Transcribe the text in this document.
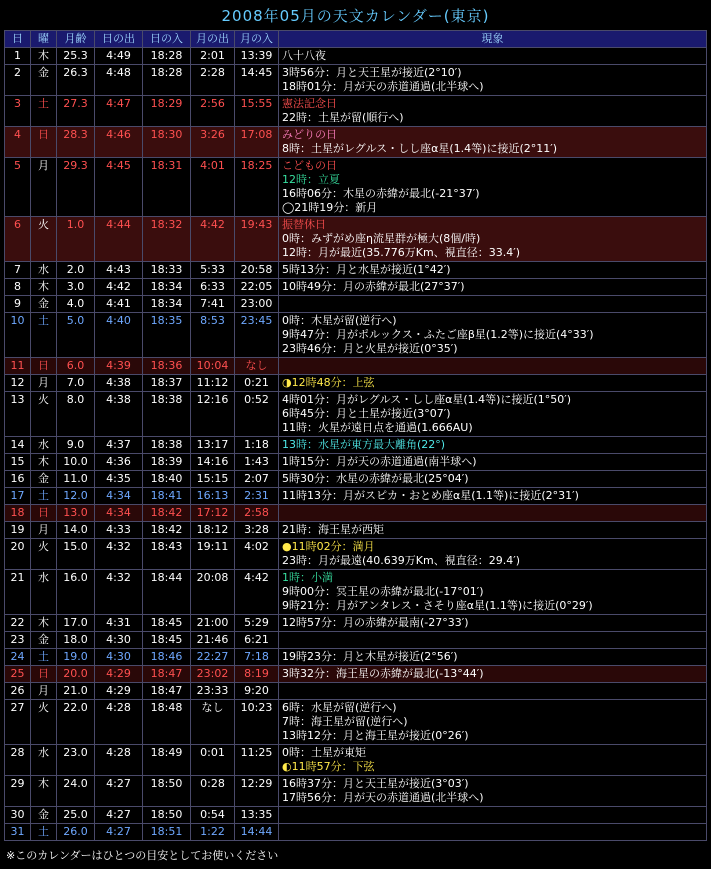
2008年05月の天文カレンダー(東京)
日	曜	月齢	日の出	日の入	月の出	月の入	現象
1	木	25.3	4:49	18:28	2:01	13:39	八十八夜

2	金	26.3	4:48	18:28	2:28	14:45	3時56分：月と天王星が接近(2°10′)
18時01分：月が天の赤道通過(北半球へ)

3	土	27.3	4:47	18:29	2:56	15:55	憲法記念日
22時：土星が留(順行へ)

4	日	28.3	4:46	18:30	3:26	17:08	みどりの日
8時：土星がレグルス・しし座α星(1.4等)に接近(2°11′)

5	月	29.3	4:45	18:31	4:01	18:25	こどもの日
12時：立夏
16時06分：木星の赤緯が最北(-21°37′)
◯21時19分：新月

6	火	1.0	4:44	18:32	4:42	19:43	振替休日
0時：みずがめ座η流星群が極大(8個/時)
12時：月が最近(35.776万Km、視直径：33.4′)

7	水	2.0	4:43	18:33	5:33	20:58	5時13分：月と水星が接近(1°42′)

8	木	3.0	4:42	18:34	6:33	22:05	10時49分：月の赤緯が最北(27°37′)

9	金	4.0	4:41	18:34	7:41	23:00	
10	土	5.0	4:40	18:35	8:53	23:45	0時：木星が留(逆行へ)
9時47分：月がポルックス・ふたご座β星(1.2等)に接近(4°33′)
23時46分：月と火星が接近(0°35′)

11	日	6.0	4:39	18:36	10:04	なし	
12	月	7.0	4:38	18:37	11:12	0:21	◑12時48分：上弦

13	火	8.0	4:38	18:38	12:16	0:52	4時01分：月がレグルス・しし座α星(1.4等)に接近(1°50′)
6時45分：月と土星が接近(3°07′)
11時：火星が遠日点を通過(1.666AU)

14	水	9.0	4:37	18:38	13:17	1:18	13時：水星が東方最大離角(22°)

15	木	10.0	4:36	18:39	14:16	1:43	1時15分：月が天の赤道通過(南半球へ)

16	金	11.0	4:35	18:40	15:15	2:07	5時30分：水星の赤緯が最北(25°04′)

17	土	12.0	4:34	18:41	16:13	2:31	11時13分：月がスピカ・おとめ座α星(1.1等)に接近(2°31′)

18	日	13.0	4:34	18:42	17:12	2:58	
19	月	14.0	4:33	18:42	18:12	3:28	21時：海王星が西矩

20	火	15.0	4:32	18:43	19:11	4:02	●11時02分：満月
23時：月が最遠(40.639万Km、視直径：29.4′)

21	水	16.0	4:32	18:44	20:08	4:42	1時：小満
9時00分：冥王星の赤緯が最北(-17°01′)
9時21分：月がアンタレス・さそり座α星(1.1等)に接近(0°29′)

22	木	17.0	4:31	18:45	21:00	5:29	12時57分：月の赤緯が最南(-27°33′)

23	金	18.0	4:30	18:45	21:46	6:21	
24	土	19.0	4:30	18:46	22:27	7:18	19時23分：月と木星が接近(2°56′)

25	日	20.0	4:29	18:47	23:02	8:19	3時32分：海王星の赤緯が最北(-13°44′)

26	月	21.0	4:29	18:47	23:33	9:20	
27	火	22.0	4:28	18:48	なし	10:23	6時：水星が留(逆行へ)
7時：海王星が留(逆行へ)
13時12分：月と海王星が接近(0°26′)

28	水	23.0	4:28	18:49	0:01	11:25	0時：土星が東矩
◐11時57分：下弦

29	木	24.0	4:27	18:50	0:28	12:29	16時37分：月と天王星が接近(3°03′)
17時56分：月が天の赤道通過(北半球へ)

30	金	25.0	4:27	18:50	0:54	13:35	
31	土	26.0	4:27	18:51	1:22	14:44	
※このカレンダーはひとつの目安としてお使いください
